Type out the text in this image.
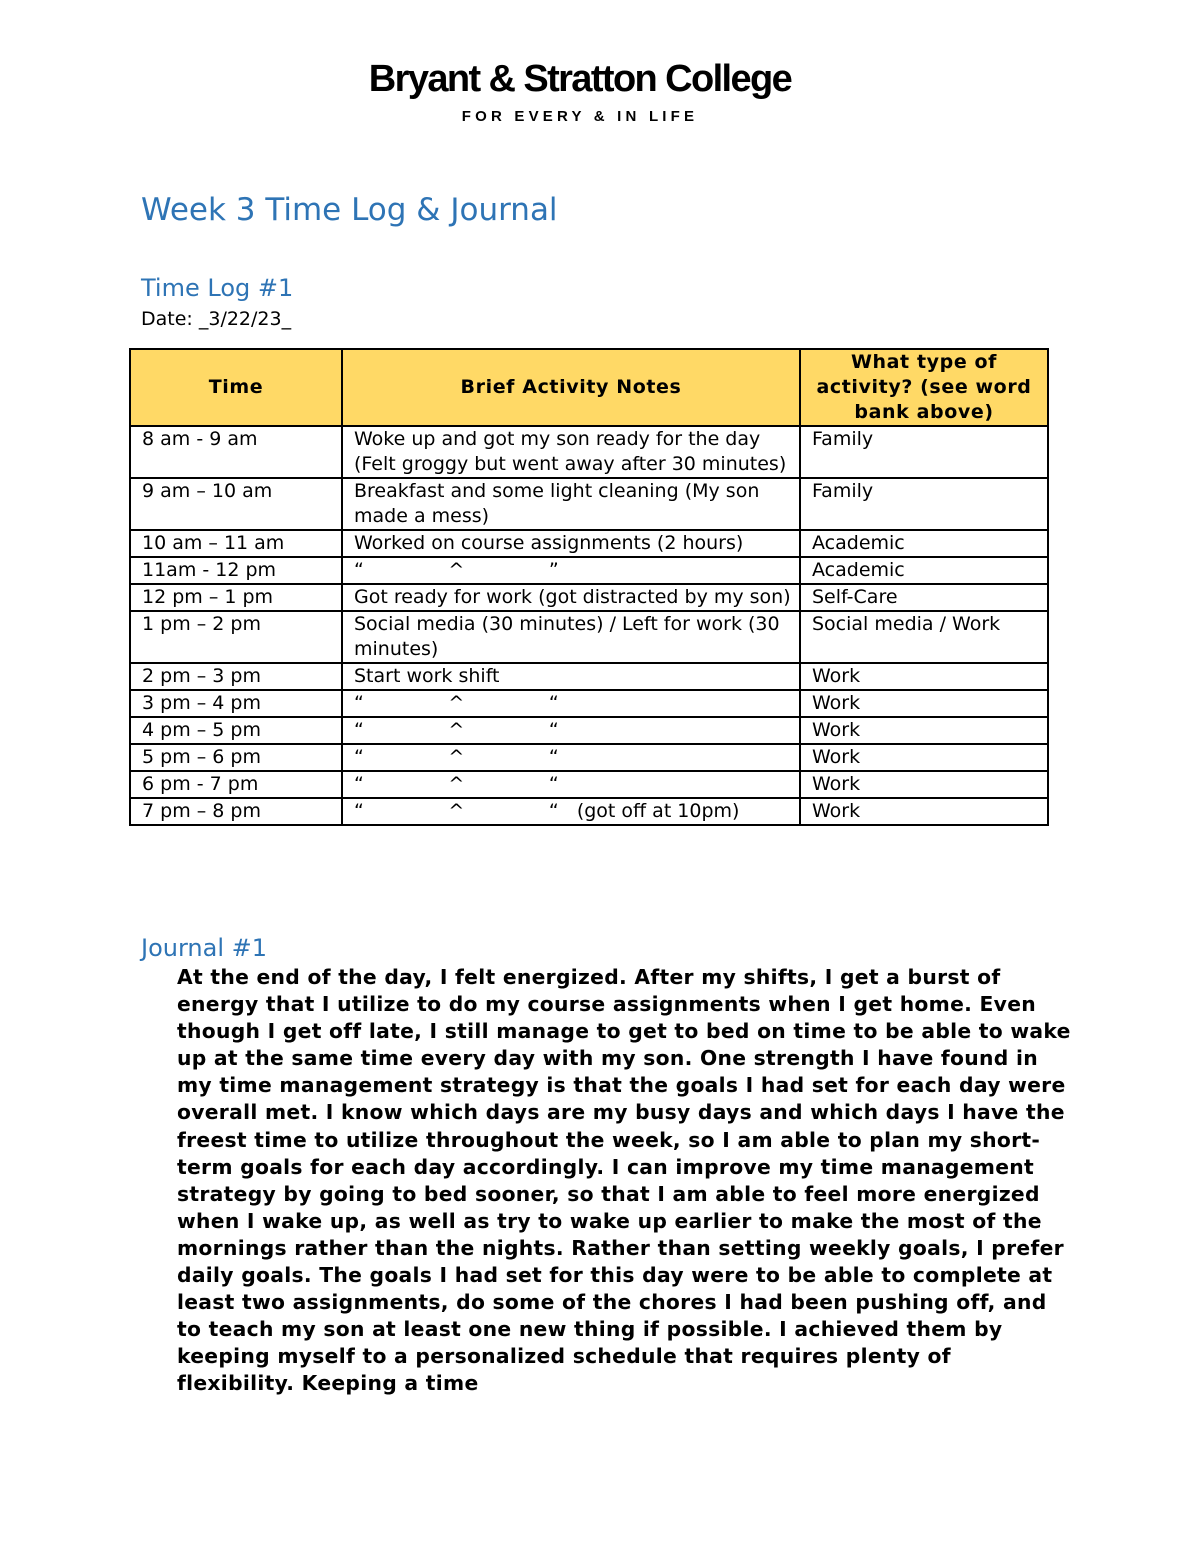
Bryant & Stratton College
FOR EVERY & IN LIFE
Week 3 Time Log & Journal
Time Log #1
Date: _3/22/23_
Time	Brief Activity Notes	What type of activity? (see word bank above)
8 am - 9 am	Woke up and got my son ready for the day (Felt groggy but went away after 30 minutes)	Family
9 am – 10 am	Breakfast and some light cleaning (My son made a mess)	Family
10 am – 11 am	Worked on course assignments (2 hours)	Academic
11am - 12 pm	“              ^              ”	Academic
12 pm – 1 pm	Got ready for work (got distracted by my son)	Self-Care
1 pm – 2 pm	Social media (30 minutes) / Left for work (30 minutes)	Social media / Work
2 pm – 3 pm	Start work shift	Work
3 pm – 4 pm	“              ^              “	Work
4 pm – 5 pm	“              ^              “	Work
5 pm – 6 pm	“              ^              “	Work
6 pm - 7 pm	“              ^              “	Work
7 pm – 8 pm	“              ^              “   (got off at 10pm)	Work
Journal #1
At the end of the day, I felt energized. After my shifts, I get a burst of energy that I utilize to do my course assignments when I get home. Even though I get off late, I still manage to get to bed on time to be able to wake up at the same time every day with my son. One strength I have found in my time management strategy is that the goals I had set for each day were overall met. I know which days are my busy days and which days I have the freest time to utilize throughout the week, so I am able to plan my short-term goals for each day accordingly. I can improve my time management strategy by going to bed sooner, so that I am able to feel more energized when I wake up, as well as try to wake up earlier to make the most of the mornings rather than the nights. Rather than setting weekly goals, I prefer daily goals. The goals I had set for this day were to be able to complete at least two assignments, do some of the chores I had been pushing off, and to teach my son at least one new thing if possible. I achieved them by keeping myself to a personalized schedule that requires plenty of flexibility. Keeping a time
